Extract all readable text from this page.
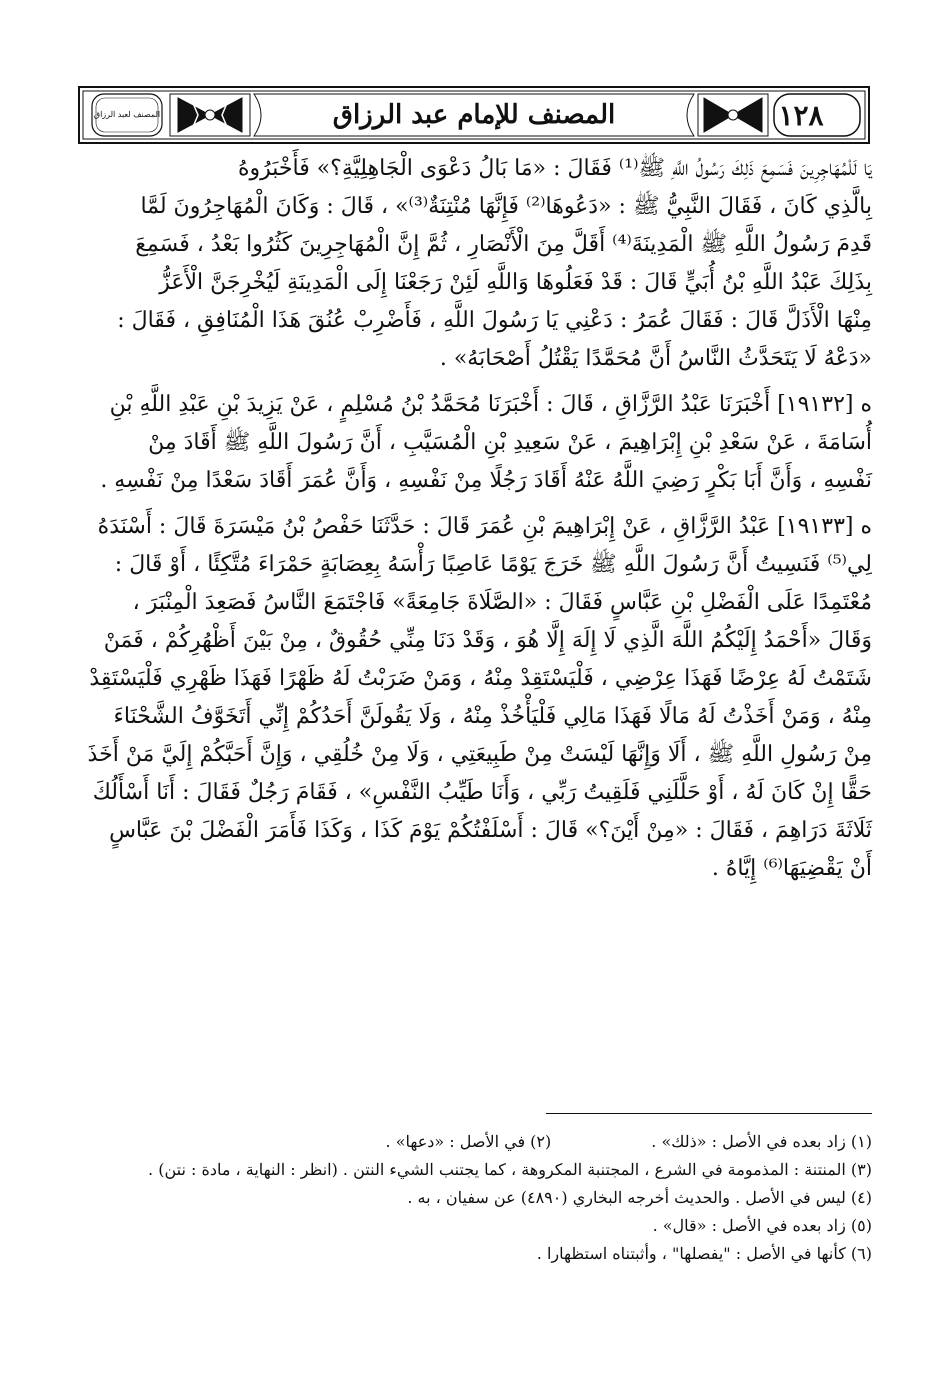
١٢٨
المصنف للإمام عبد الرزاق
المصنف لعبد الرزاق
يَا لَلْمُهَاجِرِينَ فَسَمِعَ ذَلِكَ رَسُولُ اللَّهِ ﷺ⁽¹⁾ فَقَالَ : «مَا بَالُ دَعْوَى الْجَاهِلِيَّةِ؟» فَأَخْبَرُوهُ
بِالَّذِي كَانَ ، فَقَالَ النَّبِيُّ ﷺ : «دَعُوهَا⁽²⁾ فَإِنَّهَا مُنْتِنَةٌ⁽³⁾» ، قَالَ : وَكَانَ الْمُهَاجِرُونَ لَمَّا
قَدِمَ رَسُولُ اللَّهِ ﷺ الْمَدِينَةَ⁽⁴⁾ أَقَلَّ مِنَ الْأَنْصَارِ ، ثُمَّ إِنَّ الْمُهَاجِرِينَ كَثُرُوا بَعْدُ ، فَسَمِعَ
بِذَلِكَ عَبْدُ اللَّهِ بْنُ أُبَيٍّ قَالَ : قَدْ فَعَلُوهَا وَاللَّهِ لَئِنْ رَجَعْنَا إِلَى الْمَدِينَةِ لَيُخْرِجَنَّ الْأَعَزُّ
مِنْهَا الْأَذَلَّ قَالَ : فَقَالَ عُمَرُ : دَعْنِي يَا رَسُولَ اللَّهِ ، فَأَضْرِبْ عُنُقَ هَذَا الْمُنَافِقِ ، فَقَالَ :
«دَعْهُ لَا يَتَحَدَّثُ النَّاسُ أَنَّ مُحَمَّدًا يَقْتُلُ أَصْحَابَهُ» .
ه [١٩١٣٢] أَخْبَرَنَا عَبْدُ الرَّزَّاقِ ، قَالَ : أَخْبَرَنَا مُحَمَّدُ بْنُ مُسْلِمٍ ، عَنْ يَزِيدَ بْنِ عَبْدِ اللَّهِ بْنِ
أُسَامَةَ ، عَنْ سَعْدِ بْنِ إِبْرَاهِيمَ ، عَنْ سَعِيدِ بْنِ الْمُسَيَّبِ ، أَنَّ رَسُولَ اللَّهِ ﷺ أَقَادَ مِنْ
نَفْسِهِ ، وَأَنَّ أَبَا بَكْرٍ رَضِيَ اللَّهُ عَنْهُ أَقَادَ رَجُلًا مِنْ نَفْسِهِ ، وَأَنَّ عُمَرَ أَقَادَ سَعْدًا مِنْ نَفْسِهِ .
ه [١٩١٣٣] عَبْدُ الرَّزَّاقِ ، عَنْ إِبْرَاهِيمَ بْنِ عُمَرَ قَالَ : حَدَّثَنَا حَفْصُ بْنُ مَيْسَرَةَ قَالَ : أَسْنَدَهُ
لِي⁽⁵⁾ فَنَسِيتُ أَنَّ رَسُولَ اللَّهِ ﷺ خَرَجَ يَوْمًا عَاصِبًا رَأْسَهُ بِعِصَابَةٍ حَمْرَاءَ مُتَّكِئًا ، أَوْ قَالَ :
مُعْتَمِدًا عَلَى الْفَضْلِ بْنِ عَبَّاسٍ فَقَالَ : «الصَّلَاةَ جَامِعَةً» فَاجْتَمَعَ النَّاسُ فَصَعِدَ الْمِنْبَرَ ،
وَقَالَ «أَحْمَدُ إِلَيْكُمُ اللَّهَ الَّذِي لَا إِلَهَ إِلَّا هُوَ ، وَقَدْ دَنَا مِنِّي حُقُوقٌ ، مِنْ بَيْنَ أَظْهُرِكُمْ ، فَمَنْ
شَتَمْتُ لَهُ عِرْضًا فَهَذَا عِرْضِي ، فَلْيَسْتَقِدْ مِنْهُ ، وَمَنْ ضَرَبْتُ لَهُ ظَهْرًا فَهَذَا ظَهْرِي فَلْيَسْتَقِدْ
مِنْهُ ، وَمَنْ أَخَذْتُ لَهُ مَالًا فَهَذَا مَالِي فَلْيَأْخُذْ مِنْهُ ، وَلَا يَقُولَنَّ أَحَدُكُمْ إِنِّي أَتَخَوَّفُ الشَّحْنَاءَ
مِنْ رَسُولِ اللَّهِ ﷺ ، أَلَا وَإِنَّهَا لَيْسَتْ مِنْ طَبِيعَتِي ، وَلَا مِنْ خُلُقِي ، وَإِنَّ أَحَبَّكُمْ إِلَيَّ مَنْ أَخَذَ
حَقًّا إِنْ كَانَ لَهُ ، أَوْ حَلَّلَنِي فَلَقِيتُ رَبِّي ، وَأَنَا طَيِّبُ النَّفْسِ» ، فَقَامَ رَجُلٌ فَقَالَ : أَنَا أَسْأَلُكَ
ثَلَاثَةَ دَرَاهِمَ ، فَقَالَ : «مِنْ أَيْنَ؟» قَالَ : أَسْلَفْتُكُمْ يَوْمَ كَذَا ، وَكَذَا فَأَمَرَ الْفَضْلَ بْنَ عَبَّاسٍ
أَنْ يَقْضِيَهَا⁽⁶⁾ إِيَّاهُ .

(١) زاد بعده في الأصل : «ذلك» .

(٢) في الأصل : «دعها» .

(٣) المنتنة : المذمومة في الشرع ، المجتنبة المكروهة ، كما يجتنب الشيء النتن . (انظر : النهاية ، مادة : نتن) .

(٤) ليس في الأصل . والحديث أخرجه البخاري (٤٨٩٠) عن سفيان ، به .

(٥) زاد بعده في الأصل : «قال» .

(٦) كأنها في الأصل : "يفصلها" ، وأثبتناه استظهارا .
